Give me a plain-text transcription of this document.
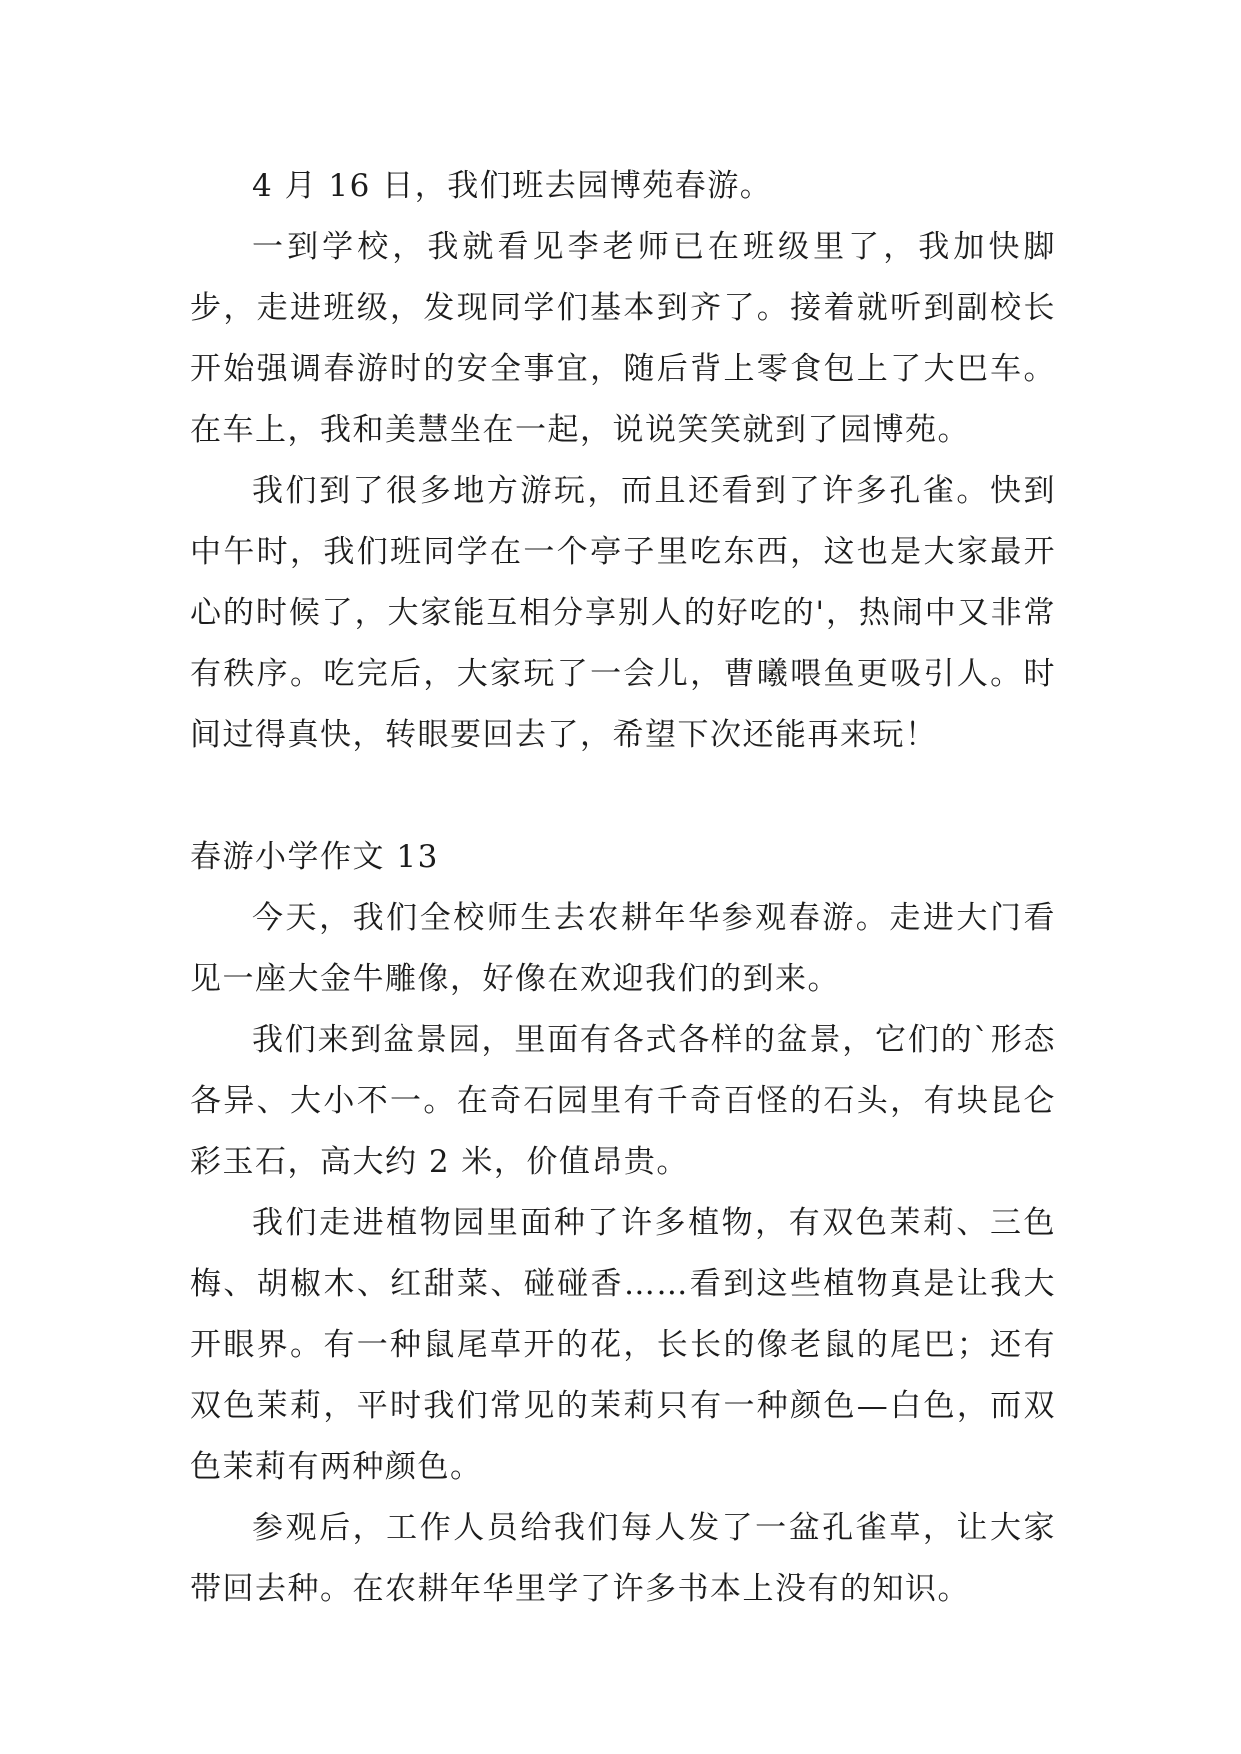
4 月 16 日，我们班去园博苑春游。

一到学校，我就看见李老师已在班级里了，我加快脚步，走进班级，发现同学们基本到齐了。接着就听到副校长开始强调春游时的安全事宜，随后背上零食包上了大巴车。在车上，我和美慧坐在一起，说说笑笑就到了园博苑。

我们到了很多地方游玩，而且还看到了许多孔雀。快到中午时，我们班同学在一个亭子里吃东西，这也是大家最开心的时候了，大家能互相分享别人的好吃的'，热闹中又非常有秩序。吃完后，大家玩了一会儿，曹曦喂鱼更吸引人。时间过得真快，转眼要回去了，希望下次还能再来玩！

春游小学作文 13

今天，我们全校师生去农耕年华参观春游。走进大门看见一座大金牛雕像，好像在欢迎我们的到来。

我们来到盆景园，里面有各式各样的盆景，它们的`形态各异、大小不一。在奇石园里有千奇百怪的石头，有块昆仑彩玉石，高大约 2 米，价值昂贵。

我们走进植物园里面种了许多植物，有双色茉莉、三色梅、胡椒木、红甜菜、碰碰香……看到这些植物真是让我大开眼界。有一种鼠尾草开的花，长长的像老鼠的尾巴；还有双色茉莉，平时我们常见的茉莉只有一种颜色—白色，而双色茉莉有两种颜色。

参观后，工作人员给我们每人发了一盆孔雀草，让大家带回去种。在农耕年华里学了许多书本上没有的知识。
